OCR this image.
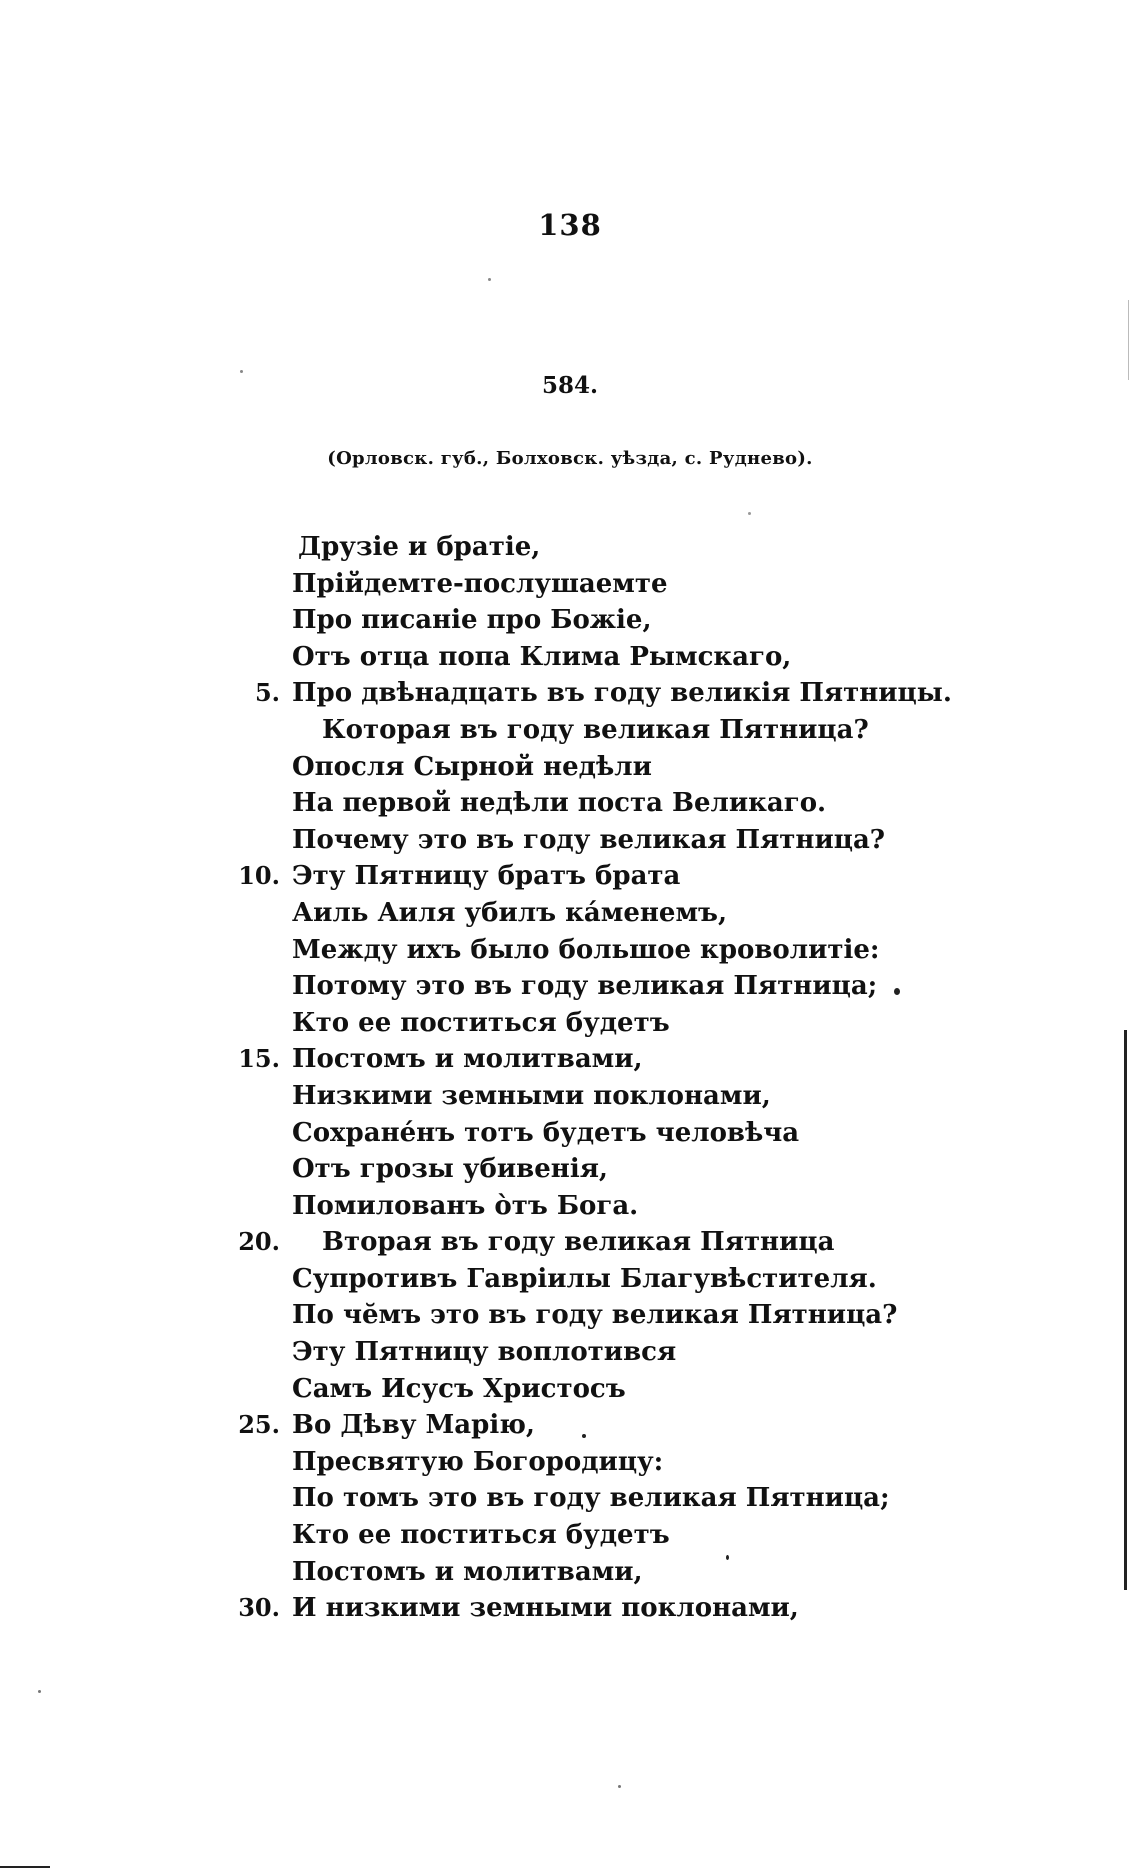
138
584.
(Орловск. губ., Болховск. уѣзда, с. Руднево).
Друзіе и братіе,
Прійдемте-послушаемте
Про писаніе про Божіе,
Отъ отца попа Клима Рымскаго,
5. Про двѣнадцать въ году великія Пятницы.
Которая въ году великая Пятница?
Опосля Сырной недѣли
На первой недѣли поста Великаго.
Почему это въ году великая Пятница?
10. Эту Пятницу братъ брата
Аиль Аиля убилъ ка́менемъ,
Между ихъ было большое кроволитіе:
Потому это въ году великая Пятница;
Кто ее поститься будетъ
15. Постомъ и молитвами,
Низкими земными поклонами,
Сохране́нъ тотъ будетъ человѣча
Отъ грозы убивенія,
Помилованъ о̀тъ Бога.
20. Вторая въ году великая Пятница
Супротивъ Гавріилы Благувѣстителя.
По чӗмъ это въ году великая Пятница?
Эту Пятницу воплотився
Самъ Исусъ Христосъ
25. Во Дѣву Марію,
Пресвятую Богородицу:
По томъ это въ году великая Пятница;
Кто ее поститься будетъ
Постомъ и молитвами,
30. И низкими земными поклонами,
